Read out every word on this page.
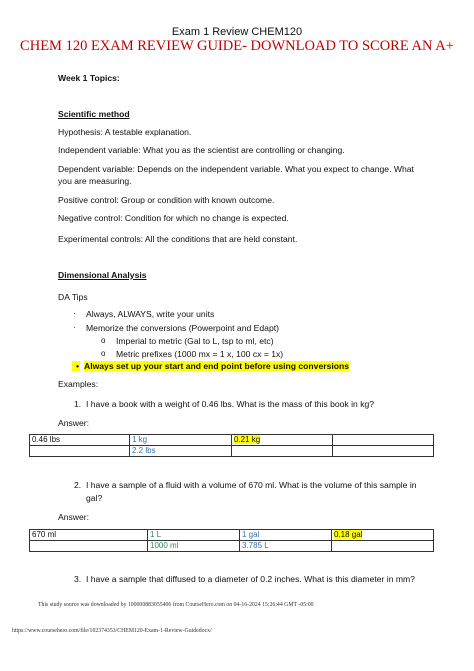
Exam 1 Review CHEM120
CHEM 120 EXAM REVIEW GUIDE- DOWNLOAD TO SCORE AN A+
Week 1 Topics:
Scientific method
Hypothesis: A testable explanation.
Independent variable: What you as the scientist are controlling or changing.
Dependent variable: Depends on the independent variable. What you expect to change. What
you are measuring.
Positive control: Group or condition with known outcome.
Negative control: Condition for which no change is expected.
Experimental controls: All the conditions that are held constant.
Dimensional Analysis
DA Tips
· Always, ALWAYS, write your units
· Memorize the conversions (Powerpoint and Edapt)
o Imperial to metric (Gal to L, tsp to ml, etc)
o Metric prefixes (1000 mx = 1 x, 100 cx = 1x)
• Always set up your start and end point before using conversions
Examples:
1. I have a book with a weight of 0.46 lbs. What is the mass of this book in kg?
Answer:
0.46 lbs	1 kg	0.21 kg	
	2.2 lbs		
2. I have a sample of a fluid with a volume of 670 ml. What is the volume of this sample in
gal?
Answer:
670 ml	1 L	1 gal	0.18 gal
	1000 ml	3.785 L	
3. I have a sample that diffused to a diameter of 0.2 inches. What is this diameter in mm?
This study source was downloaded by 100000883055406 from CourseHero.com on 04-16-2024 15:26:44 GMT -05:00
https://www.coursehero.com/file/102374353/CHEM120-Exam-1-Review-Guidedocx/
